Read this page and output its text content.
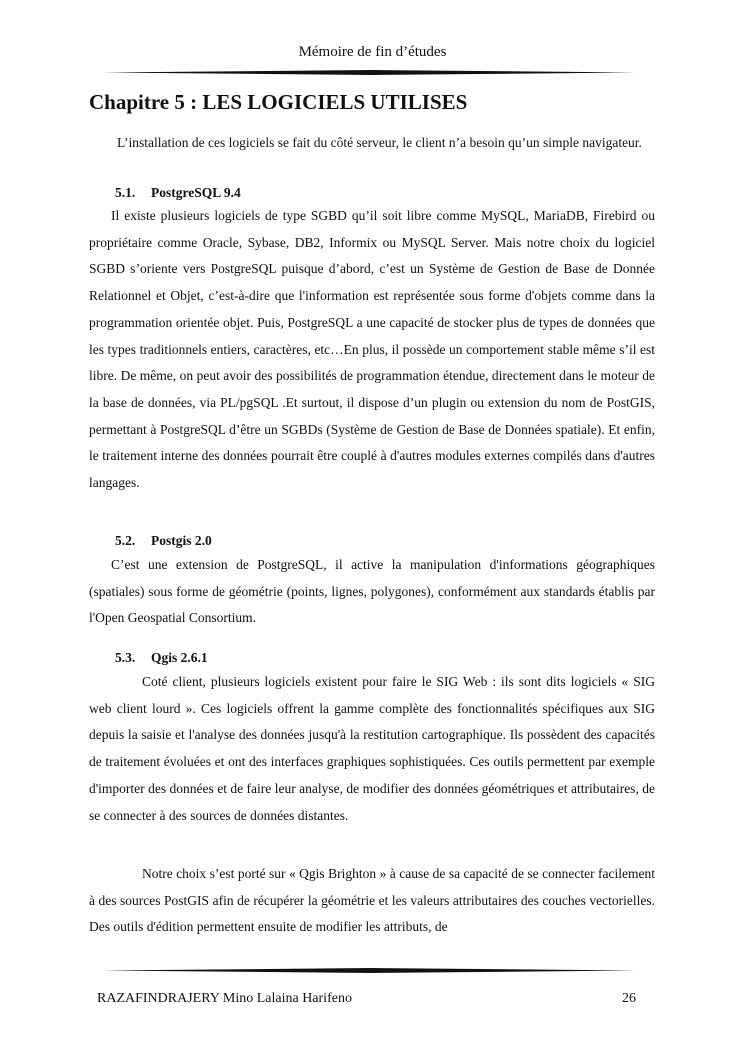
Mémoire de fin d’études
Chapitre 5 : LES LOGICIELS UTILISES

L’installation de ces logiciels se fait du côté serveur, le client n’a besoin qu’un simple navigateur.

5.1. PostgreSQL 9.4

Il existe plusieurs logiciels de type SGBD qu’il soit libre comme MySQL, MariaDB, Firebird ou propriétaire comme Oracle, Sybase, DB2, Informix ou MySQL Server. Mais notre choix du logiciel SGBD s’oriente vers PostgreSQL puisque d’abord, c’est un Système de Gestion de Base de Donnée Relationnel et Objet, c’est-à-dire que l'information est représentée sous forme d'objets comme dans la programmation orientée objet. Puis, PostgreSQL a une capacité de stocker plus de types de données que les types traditionnels entiers, caractères, etc…En plus, il possède un comportement stable même s’il est libre. De même, on peut avoir des possibilités de programmation étendue, directement dans le moteur de la base de données, via PL/pgSQL .Et surtout, il dispose d’un plugin ou extension du nom de PostGIS, permettant à PostgreSQL d’être un SGBDs (Système de Gestion de Base de Données spatiale). Et enfin, le traitement interne des données pourrait être couplé à d'autres modules externes compilés dans d'autres langages.

5.2. Postgis 2.0

C’est une extension de PostgreSQL, il active la manipulation d'informations géographiques (spatiales) sous forme de géométrie (points, lignes, polygones), conformément aux standards établis par l'Open Geospatial Consortium.

5.3. Qgis 2.6.1

Coté client, plusieurs logiciels existent pour faire le SIG Web : ils sont dits logiciels « SIG web client lourd ». Ces logiciels offrent la gamme complète des fonctionnalités spécifiques aux SIG depuis la saisie et l'analyse des données jusqu'à la restitution cartographique. Ils possèdent des capacités de traitement évoluées et ont des interfaces graphiques sophistiquées. Ces outils permettent par exemple d'importer des données et de faire leur analyse, de modifier des données géométriques et attributaires, de se connecter à des sources de données distantes.

Notre choix s’est porté sur « Qgis Brighton » à cause de sa capacité de se connecter facilement à des sources PostGIS afin de récupérer la géométrie et les valeurs attributaires des couches vectorielles. Des outils d'édition permettent ensuite de modifier les attributs, de

RAZAFINDRAJERY Mino Lalaina Harifeno	26
